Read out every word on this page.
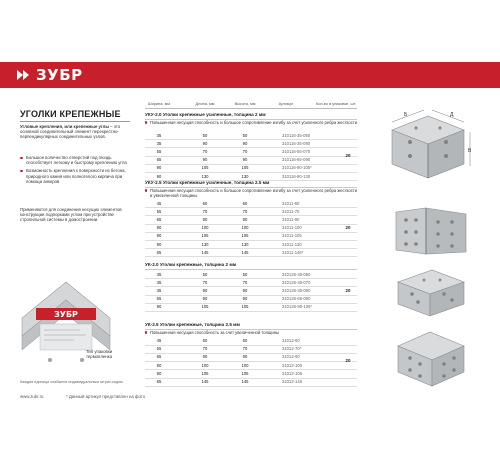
ЗУБР
УГОЛКИ КРЕПЕЖНЫЕ
Угловые крепления, или крепежные углы – это основной соединительный элемент перекрестно-перпендикулярных соединительных узлов.
Большое количество отверстий под гвоздь способствует легкому и быстрому креплению угла
Возможность крепления к поверхности из бетона, природного камня или полнотелого кирпича при помощи анкеров
Применяются для соединения несущих элементов конструкции подпорками углом при устройстве стропильной системы в домостроении.
ЗУБР
Тип упаковки термопленка
Каждая единица снабжена индивидуальным штрих-кодом
www.zubr.ru	* Данный артикул представлен на фото
Ширина, мм	Длина, мм	Высота, мм	Артикул	Кол-во в упаковке, шт.
УКУ-2.0 Уголки крепежные усиленные, толщина 2 мм
Повышенная несущая способность и большое сопротивление изгибу за счет усиленного ребра жесткости
35	50	50	310116-35-050
35	90	90	310116-35-090
55	70	70	310116-55-070
65	90	90	310116-65-090
90	105	105	310116-90-105*
90	130	130	310116-90-130
20
УКУ-2.5 Уголки крепежные усиленные, толщина 2.5 мм
Повышенная несущая способность и большое сопротивление изгибу за счет усиленного ребра жесткости и увеличенной толщины
45	60	60	31011-60
55	70	70	31011-70
65	90	90	31011-90
80	100	100	31011-100
90	105	105	31011-105
90	130	130	31011-130
65	145	145	31011-145*
20
УК-2.0 Уголки крепежные, толщина 2 мм
35	50	50	310126-35-050
35	70	70	310126-35-070
35	90	90	310126-35-090
65	90	90	310126-65-090
90	105	105	310126-90-105*
20
УК-2.5 Уголки крепежные, толщина 2.5 мм
Повышенная несущая способность за счет увеличенной толщины
45	60	60	31012-60
55	70	70	31012-70*
65	90	90	31012-90
80	100	100	31012-100
90	105	105	31012-105
65	145	145	31012-145
20
Б	Д
В
